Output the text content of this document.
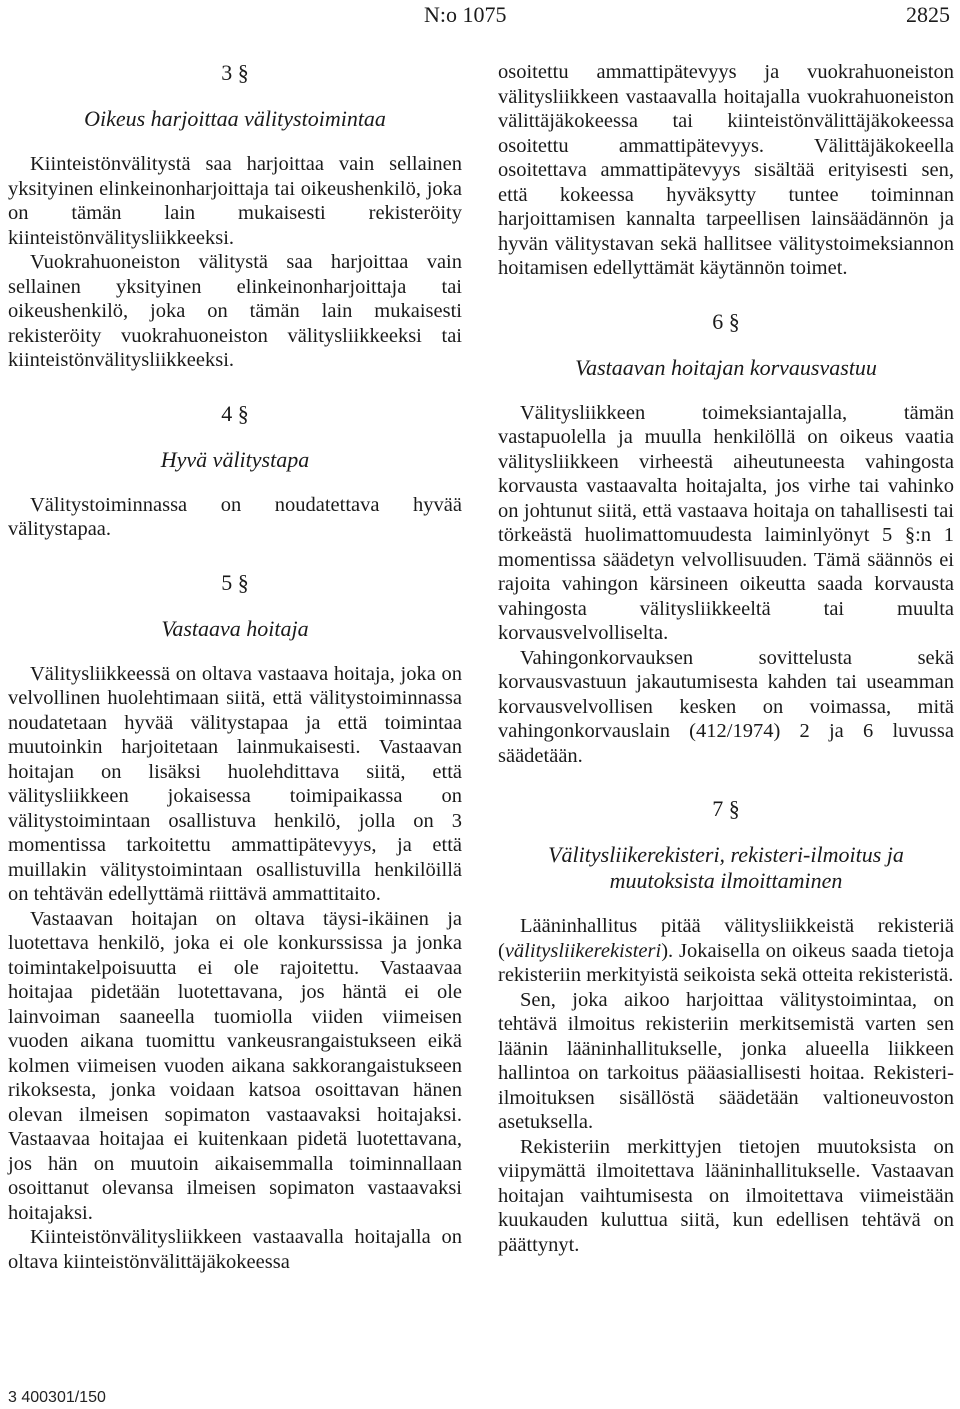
N:o 1075	2825
3 §
Oikeus harjoittaa välitystoimintaa

Kiinteistönvälitystä saa harjoittaa vain sellainen yksityinen elinkeinonharjoittaja tai oikeushenkilö, joka on tämän lain mukaisesti rekisteröity kiinteistönvälitysliikkeeksi.

Vuokrahuoneiston välitystä saa harjoittaa vain sellainen yksityinen elinkeinonharjoittaja tai oikeushenkilö, joka on tämän lain mukaisesti rekisteröity vuokrahuoneiston välitysliikkeeksi tai kiinteistönvälitysliikkeeksi.

4 §
Hyvä välitystapa

Välitystoiminnassa on noudatettava hyvää välitystapaa.

5 §
Vastaava hoitaja

Välitysliikkeessä on oltava vastaava hoitaja, joka on velvollinen huolehtimaan siitä, että välitystoiminnassa noudatetaan hyvää välitystapaa ja että toimintaa muutoinkin harjoitetaan lainmukaisesti. Vastaavan hoitajan on lisäksi huolehdittava siitä, että välitysliikkeen jokaisessa toimipaikassa on välitystoimintaan osallistuva henkilö, jolla on 3 momentissa tarkoitettu ammattipätevyys, ja että muillakin välitystoimintaan osallistuvilla henkilöillä on tehtävän edellyttämä riittävä ammattitaito.

Vastaavan hoitajan on oltava täysi-ikäinen ja luotettava henkilö, joka ei ole konkurssissa ja jonka toimintakelpoisuutta ei ole rajoitettu. Vastaavaa hoitajaa pidetään luotettavana, jos häntä ei ole lainvoiman saaneella tuomiolla viiden viimeisen vuoden aikana tuomittu vankeusrangaistukseen eikä kolmen viimeisen vuoden aikana sakkorangaistukseen rikoksesta, jonka voidaan katsoa osoittavan hänen olevan ilmeisen sopimaton vastaavaksi hoitajaksi. Vastaavaa hoitajaa ei kuitenkaan pidetä luotettavana, jos hän on muutoin aikaisemmalla toiminnallaan osoittanut olevansa ilmeisen sopimaton vastaavaksi hoitajaksi.

Kiinteistönvälitysliikkeen vastaavalla hoitajalla on oltava kiinteistönvälittäjäkokeessa

osoitettu ammattipätevyys ja vuokrahuoneiston välitysliikkeen vastaavalla hoitajalla vuokrahuoneiston välittäjäkokeessa tai kiinteistönvälittäjäkokeessa osoitettu ammattipätevyys. Välittäjäkokeella osoitettava ammattipätevyys sisältää erityisesti sen, että kokeessa hyväksytty tuntee toiminnan harjoittamisen kannalta tarpeellisen lainsäädännön ja hyvän välitystavan sekä hallitsee välitystoimeksiannon hoitamisen edellyttämät käytännön toimet.

6 §
Vastaavan hoitajan korvausvastuu

Välitysliikkeen toimeksiantajalla, tämän vastapuolella ja muulla henkilöllä on oikeus vaatia välitysliikkeen virheestä aiheutuneesta vahingosta korvausta vastaavalta hoitajalta, jos virhe tai vahinko on johtunut siitä, että vastaava hoitaja on tahallisesti tai törkeästä huolimattomuudesta laiminlyönyt 5 §:n 1 momentissa säädetyn velvollisuuden. Tämä säännös ei rajoita vahingon kärsineen oikeutta saada korvausta vahingosta välitysliikkeeltä tai muulta korvausvelvolliselta.

Vahingonkorvauksen sovittelusta sekä korvausvastuun jakautumisesta kahden tai useamman korvausvelvollisen kesken on voimassa, mitä vahingonkorvauslain (412/1974) 2 ja 6 luvussa säädetään.

7 §
Välitysliikerekisteri, rekisteri-ilmoitus ja muutoksista ilmoittaminen

Lääninhallitus pitää välitysliikkeistä rekisteriä (välitysliikerekisteri). Jokaisella on oikeus saada tietoja rekisteriin merkityistä seikoista sekä otteita rekisteristä.

Sen, joka aikoo harjoittaa välitystoimintaa, on tehtävä ilmoitus rekisteriin merkitsemistä varten sen läänin lääninhallitukselle, jonka alueella liikkeen hallintoa on tarkoitus pääasiallisesti hoitaa. Rekisteri-ilmoituksen sisällöstä säädetään valtioneuvoston asetuksella.

Rekisteriin merkittyjen tietojen muutoksista on viipymättä ilmoitettava lääninhallitukselle. Vastaavan hoitajan vaihtumisesta on ilmoitettava viimeistään kuukauden kuluttua siitä, kun edellisen tehtävä on päättynyt.

3 400301/150
